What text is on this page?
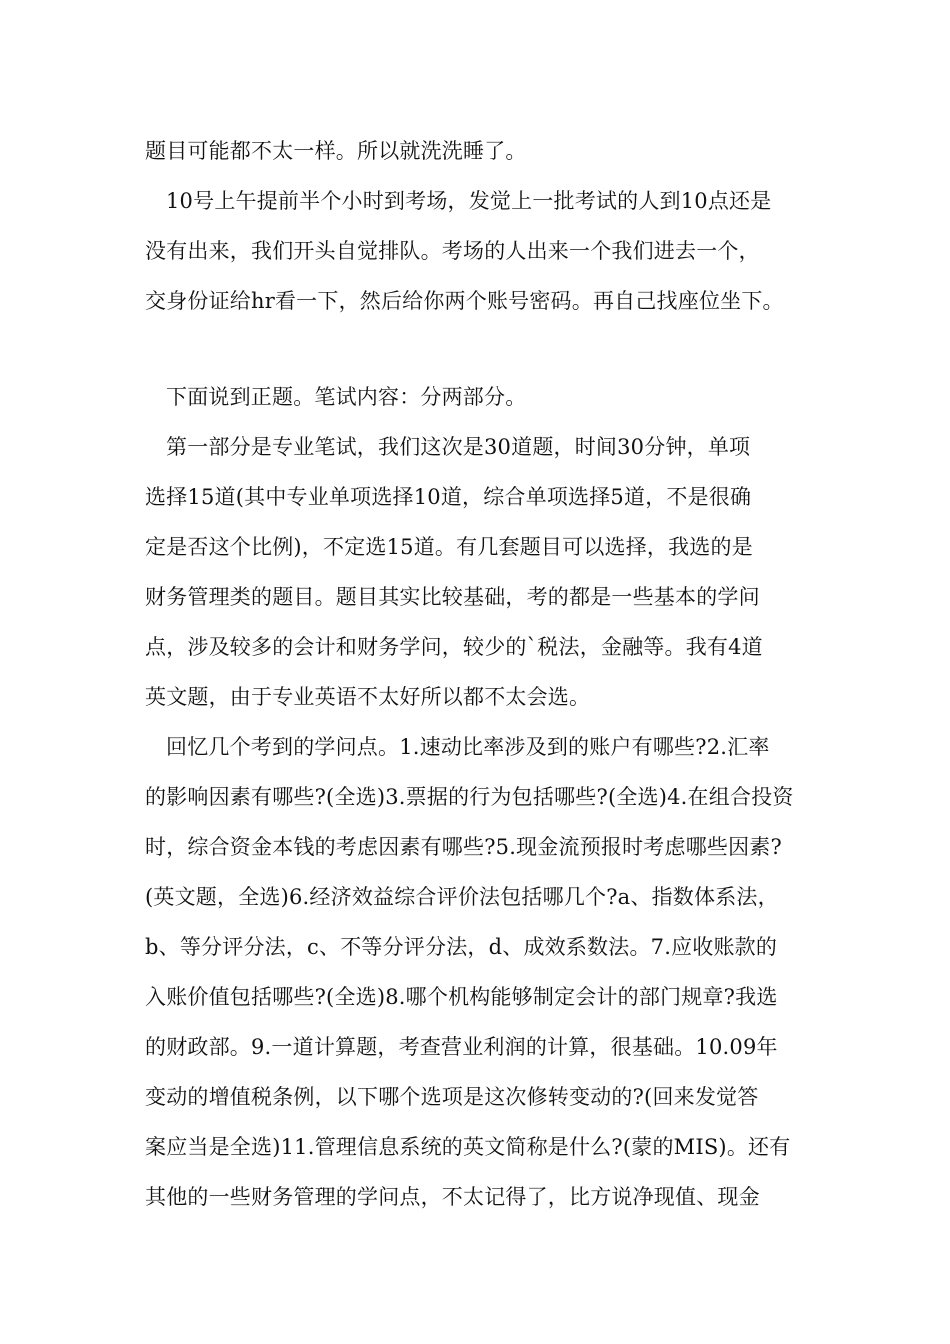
题目可能都不太一样。所以就洗洗睡了。
10号上午提前半个小时到考场，发觉上一批考试的人到10点还是
没有出来，我们开头自觉排队。考场的人出来一个我们进去一个，
交身份证给hr看一下，然后给你两个账号密码。再自己找座位坐下。
下面说到正题。笔试内容：分两部分。
第一部分是专业笔试，我们这次是30道题，时间30分钟，单项
选择15道(其中专业单项选择10道，综合单项选择5道，不是很确
定是否这个比例)，不定选15道。有几套题目可以选择，我选的是
财务管理类的题目。题目其实比较基础，考的都是一些基本的学问
点，涉及较多的会计和财务学问，较少的`税法，金融等。我有4道
英文题，由于专业英语不太好所以都不太会选。
回忆几个考到的学问点。1.速动比率涉及到的账户有哪些?2.汇率
的影响因素有哪些?(全选)3.票据的行为包括哪些?(全选)4.在组合投资
时，综合资金本钱的考虑因素有哪些?5.现金流预报时考虑哪些因素?
(英文题，全选)6.经济效益综合评价法包括哪几个?a、指数体系法，
b、等分评分法，c、不等分评分法，d、成效系数法。7.应收账款的
入账价值包括哪些?(全选)8.哪个机构能够制定会计的部门规章?我选
的财政部。9.一道计算题，考查营业利润的计算，很基础。10.09年
变动的增值税条例，以下哪个选项是这次修转变动的?(回来发觉答
案应当是全选)11.管理信息系统的英文简称是什么?(蒙的MIS)。还有
其他的一些财务管理的学问点，不太记得了，比方说净现值、现金
